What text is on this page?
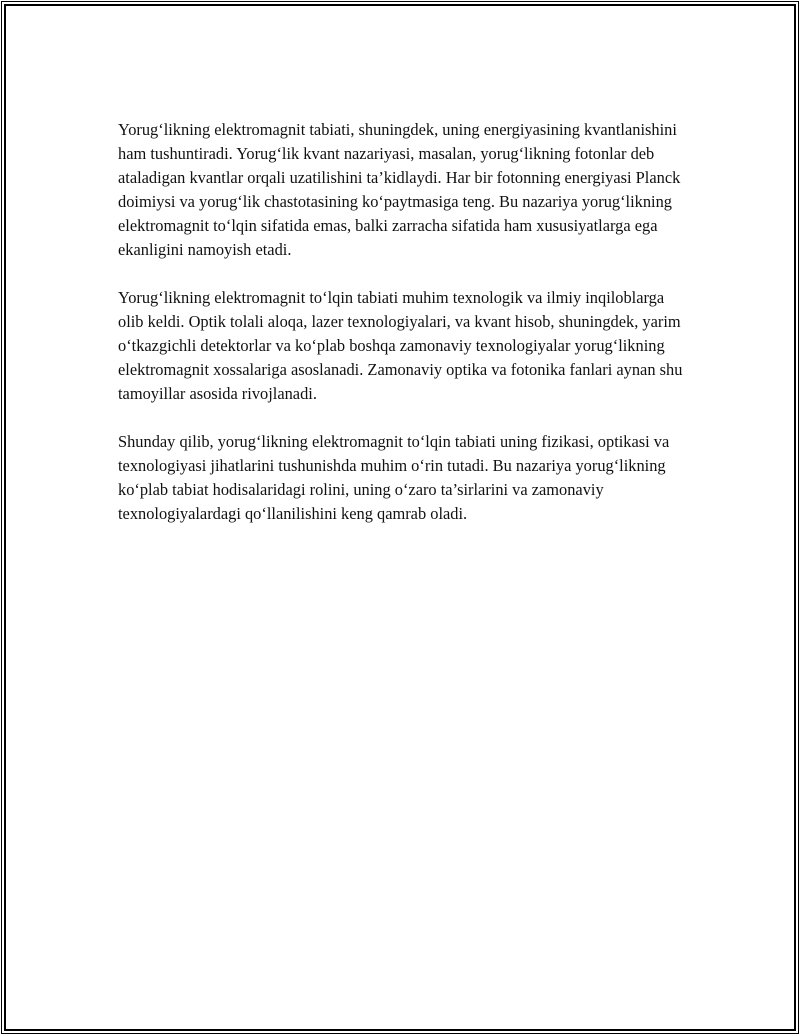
Yorug‘likning elektromagnit tabiati, shuningdek, uning energiyasining kvantlanishini ham tushuntiradi. Yorug‘lik kvant nazariyasi, masalan, yorug‘likning fotonlar deb ataladigan kvantlar orqali uzatilishini ta’kidlaydi. Har bir fotonning energiyasi Planck doimiysi va yorug‘lik chastotasining ko‘paytmasiga teng. Bu nazariya yorug‘likning elektromagnit to‘lqin sifatida emas, balki zarracha sifatida ham xususiyatlarga ega ekanligini namoyish etadi.

Yorug‘likning elektromagnit to‘lqin tabiati muhim texnologik va ilmiy inqiloblarga olib keldi. Optik tolali aloqa, lazer texnologiyalari, va kvant hisob, shuningdek, yarim o‘tkazgichli detektorlar va ko‘plab boshqa zamonaviy texnologiyalar yorug‘likning elektromagnit xossalariga asoslanadi. Zamonaviy optika va fotonika fanlari aynan shu tamoyillar asosida rivojlanadi.

Shunday qilib, yorug‘likning elektromagnit to‘lqin tabiati uning fizikasi, optikasi va texnologiyasi jihatlarini tushunishda muhim o‘rin tutadi. Bu nazariya yorug‘likning ko‘plab tabiat hodisalaridagi rolini, uning o‘zaro ta’sirlarini va zamonaviy texnologiyalardagi qo‘llanilishini keng qamrab oladi.
